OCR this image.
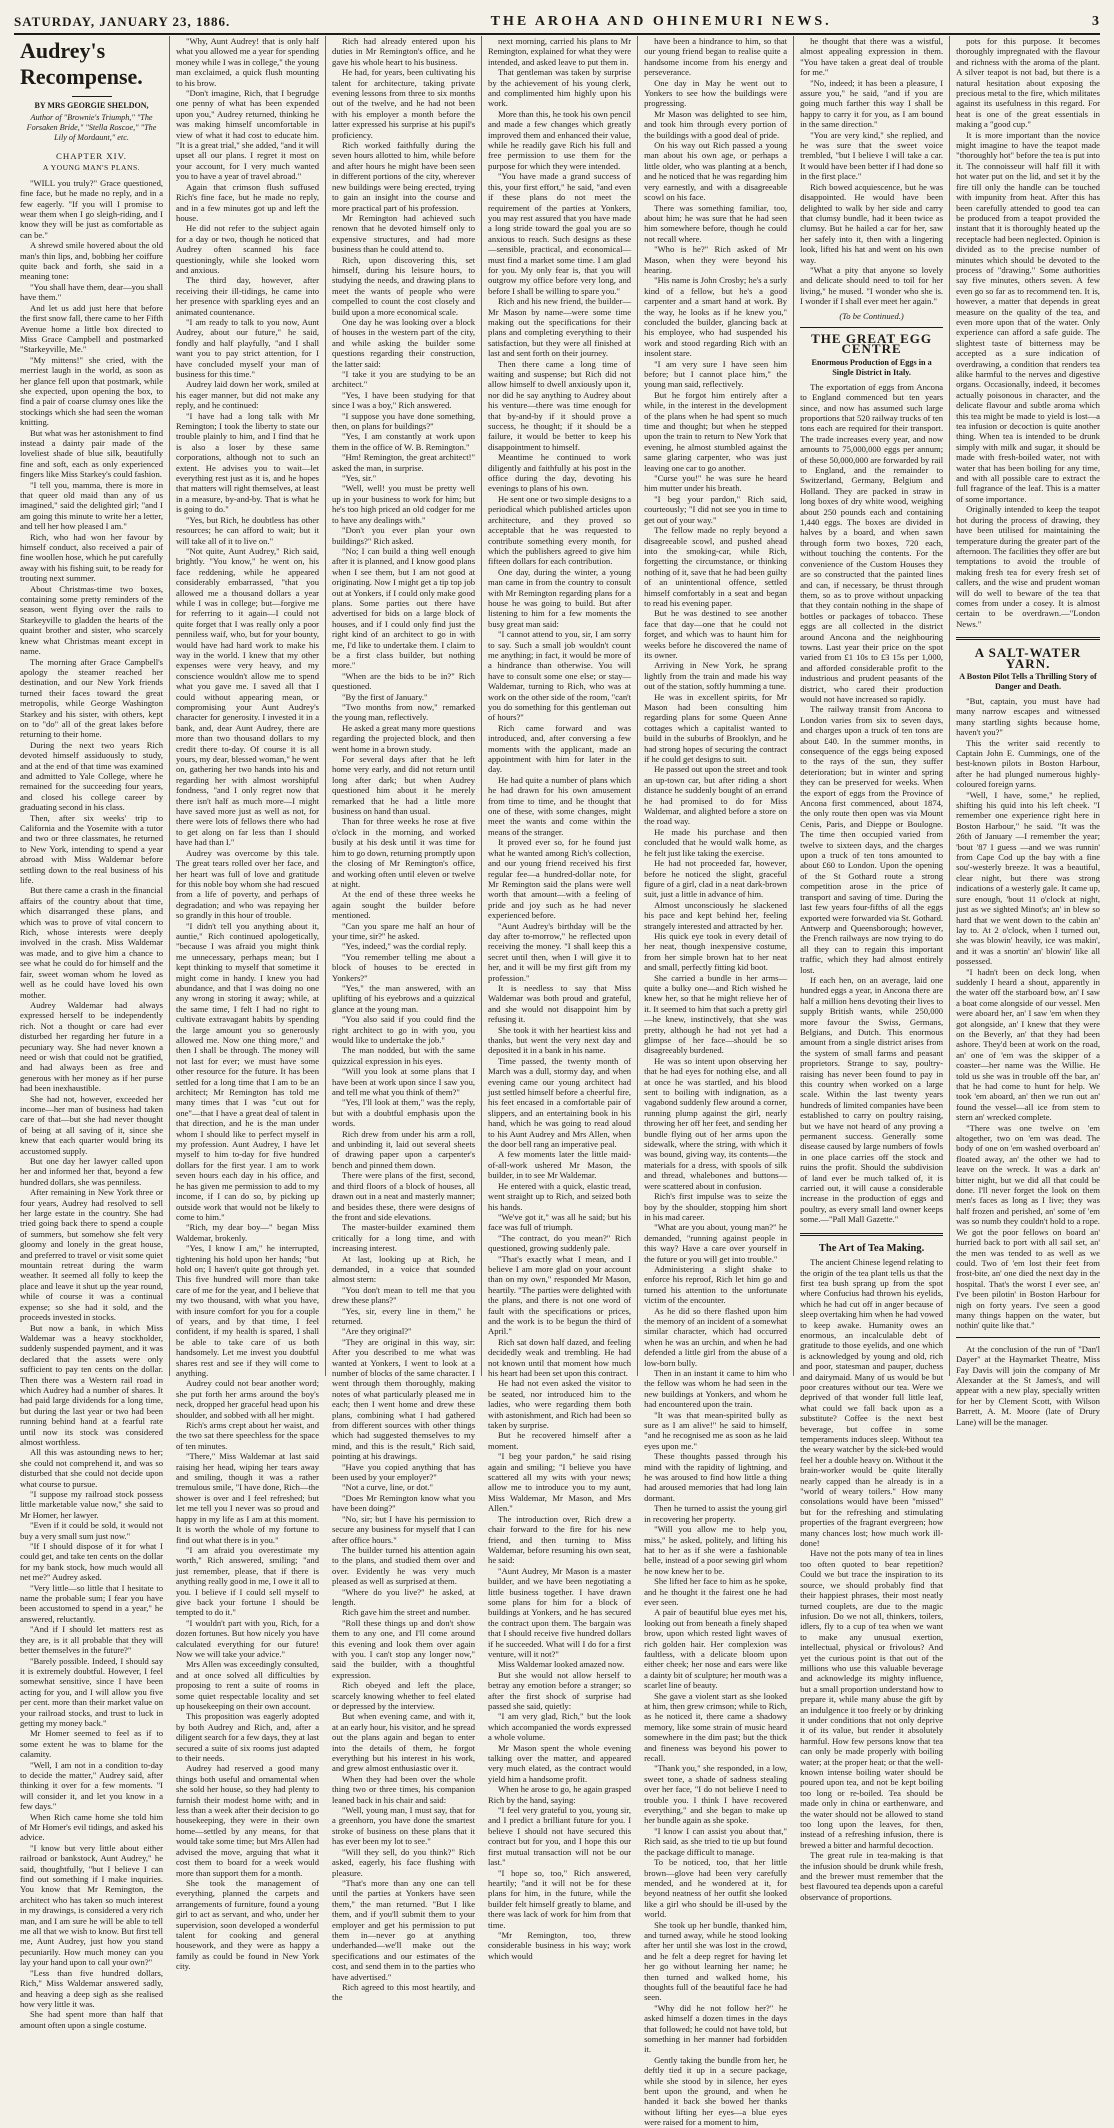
SATURDAY, JANUARY 23, 1886.	THE AROHA AND OHINEMURI NEWS.	3
Audrey's Recompense.
BY MRS GEORGIE SHELDON,
Author of "Brownie's Triumph," "The Forsaken Bride," "Stella Roscoe," "The Lily of Mordaunt," etc.
CHAPTER XIV.
A YOUNG MAN'S PLANS.

"WILL you truly?" Grace questioned, fine face, but he made no reply, and in a few eagerly. "If you will I promise to wear them when I go sleigh-riding, and I know they will be just as comfortable as can be."

A shrewd smile hovered about the old man's thin lips, and, bobbing her coiffure quite back and forth, she said in a meaning tone:

"You shall have them, dear—you shall have them."

And let us add just here that before the first snow fall, there came to her Fifth Avenue home a little box directed to Miss Grace Campbell and postmarked "Starkeyville, Me."

"My mittens!" she cried, with the merriest laugh in the world, as soon as her glance fell upon that postmark, while she expected, upon opening the box, to find a pair of coarse clumsy ones like the stockings which she had seen the woman knitting.

But what was her astonishment to find instead a dainty pair made of the loveliest shade of blue silk, beautifully fine and soft, each as only experienced fingers like Miss Starkey's could fashion.

"I tell you, mamma, there is more in that queer old maid than any of us imagined," said the delighted girl; "and I am going this minute to write her a letter, and tell her how pleased I am."

Rich, who had won her favour by himself conduct, also received a pair of fine woollen hose, which he put carefully away with his fishing suit, to be ready for trouting next summer.

About Christmas-time two boxes, containing some pretty reminders of the season, went flying over the rails to Starkeyville to gladden the hearts of the quaint brother and sister, who scarcely knew what Christmas meant except in name.

The morning after Grace Campbell's apology the steamer reached her destination, and our New York friends turned their faces toward the great metropolis, while George Washington Starkey and his sister, with others, kept on to "do" all of the great lakes before returning to their home.

During the next two years Rich devoted himself assiduously to study, and at the end of that time was examined and admitted to Yale College, where he remained for the succeeding four years, and closed his college career by graduating second in his class.

Then, after six weeks' trip to California and the Yosemite with a tutor and two or three classmates, he returned to New York, intending to spend a year abroad with Miss Waldemar before settling down to the real business of his life.

But there came a crash in the financial affairs of the country about that time, which disarranged these plans, and which was to prove of vital concern to Rich, whose interests were deeply involved in the crash. Miss Waldemar was made, and to give him a chance to see what he could do for himself and the fair, sweet woman whom he loved as well as he could have loved his own mother.

Audrey Waldemar had always expressed herself to be independently rich. Not a thought or care had ever disturbed her regarding her future in a pecuniary way. She had never known a need or wish that could not be gratified, and had always been as free and generous with her money as if her purse had been inexhaustible.

She had not, however, exceeded her income—her man of business had taken care of that—but she had never thought of being at all saving of it, since she knew that each quarter would bring its accustomed supply.

But one day her lawyer called upon her and informed her that, beyond a few hundred dollars, she was penniless.

After remaining in New York three or four years, Audrey had resolved to sell her large estate in the country. She had tried going back there to spend a couple of summers, but somehow she felt very gloomy and lonely in the great house, and preferred to travel or visit some quiet mountain retreat during the warm weather. It seemed all folly to keep the place and leave it shut up the year round, while of course it was a continual expense; so she had it sold, and the proceeds invested in stocks.

But now a bank, in which Miss Waldemar was a heavy stockholder, suddenly suspended payment, and it was declared that the assets were only sufficient to pay ten cents on the dollar. Then there was a Western rail road in which Audrey had a number of shares. It had paid large dividends for a long time, but during the last year or two had been running behind hand at a fearful rate until now its stock was considered almost worthless.

All this was astounding news to her; she could not comprehend it, and was so disturbed that she could not decide upon what course to pursue.

"I suppose my railroad stock possess little marketable value now," she said to Mr Homer, her lawyer.

"Even if it could be sold, it would not buy a very small sum just now."

"If I should dispose of it for what I could get, and take ten cents on the dollar for my bank stock, how much would all net me?" Audrey asked.

"Very little—so little that I hesitate to name the probable sum; I fear you have been accustomed to spend in a year," he answered, reluctantly.

"And if I should let matters rest as they are, is it all probable that they will better themselves in the future?"

"Barely possible. Indeed, I should say it is extremely doubtful. However, I feel somewhat sensitive, since I have been acting for you, and I will allow you five per cent. more than their market value on your railroad stocks, and trust to luck in getting my money back."

Mr Homer seemed to feel as if to some extent he was to blame for the calamity.

"Well, I am not in a condition to-day to decide the matter," Audrey said, after thinking it over for a few moments. "I will consider it, and let you know in a few days."

When Rich came home she told him of Mr Homer's evil tidings, and asked his advice.

"I know but very little about either railroad or bankstock, Aunt Audrey," he said, thoughtfully, "but I believe I can find out something if I make inquiries. You know that Mr Remington, the architect who has taken so much interest in my drawings, is considered a very rich man, and I am sure he will be able to tell me all that we wish to know. But first tell me, Aunt Audrey, just how you stand pecuniarily. How much money can you lay your hand upon to call your own?"

"Less than five hundred dollars, Rich," Miss Waldemar answered sadly, and heaving a deep sigh as she realised how very little it was.

She had spent more than half that amount often upon a single costume.

"Why, Aunt Audrey! that is only half what you allowed me a year for spending money while I was in college," the young man exclaimed, a quick flush mounting to his brow.

"Don't imagine, Rich, that I begrudge one penny of what has been expended upon you," Audrey returned, thinking he was making himself uncomfortable in view of what it had cost to educate him. "It is a great trial," she added, "and it will upset all our plans. I regret it most on your account, for I very much wanted you to have a year of travel abroad."

Again that crimson flush suffused Rich's fine face, but he made no reply, and in a few minutes got up and left the house.

He did not refer to the subject again for a day or two, though he noticed that Audrey often scanned his face questioningly, while she looked worn and anxious.

The third day, however, after receiving their ill-tidings, he came into her presence with sparkling eyes and an animated countenance.

"I am ready to talk to you now, Aunt Audrey, about our future," he said, fondly and half playfully, "and I shall want you to pay strict attention, for I have concluded myself your man of business for this time."

Audrey laid down her work, smiled at his eager manner, but did not make any reply, and he continued:

"I have had a long talk with Mr Remington; I took the liberty to state our trouble plainly to him, and I find that he is also a loser by these same corporations, although not to such an extent. He advises you to wait—let everything rest just as it is, and he hopes that matters will right themselves, at least in a measure, by-and-by. That is what he is going to do."

"Yes, but Rich, he doubtless has other resources; he can afford to wait; but it will take all of it to live on."

"Not quite, Aunt Audrey," Rich said, brightly. "You know," he went on, his face reddening, while he appeared considerably embarrassed, "that you allowed me a thousand dollars a year while I was in college; but—forgive me for referring to it again—I could not quite forget that I was really only a poor penniless waif, who, but for your bounty, would have had hard work to make his way in the world. I knew that my other expenses were very heavy, and my conscience wouldn't allow me to spend what you gave me. I saved all that I could without appearing mean, or compromising your Aunt Audrey's character for generosity. I invested it in a bank, and, dear Aunt Audrey, there are more than two thousand dollars to my credit there to-day. Of course it is all yours, my dear, blessed woman," he went on, gathering her two hands into his and regarding her with almost worshipful fondness, "and I only regret now that there isn't half as much more—I might have saved more just as well as not, for there were lots of fellows there who had to get along on far less than I should have had than I."

Audrey was overcome by this tale. The great tears rolled over her face, and her heart was full of love and gratitude for this noble boy whom she had rescued from a life of poverty, and perhaps of degradation; and who was repaying her so grandly in this hour of trouble.

"I didn't tell you anything about it, auntie," Rich continued apologetically, "because I was afraid you might think me unnecessary, perhaps mean; but I kept thinking to myself that sometime it might come in handy. I knew you had abundance, and that I was doing no one any wrong in storing it away; while, at the same time, I felt I had no right to cultivate extravagant habits by spending the large amount you so generously allowed me. Now one thing more," and then I shall be through. The money will not last for ever; we must have some other resource for the future. It has been settled for a long time that I am to be an architect; Mr Remington has told me many times that I was "cut out for one"—that I have a great deal of talent in that direction, and he is the man under whom I should like to perfect myself in my profession. Aunt Audrey, I have let myself to him to-day for five hundred dollars for the first year. I am to work seven hours each day in his office, and he has given me permission to add to my income, if I can do so, by picking up outside work that would not be likely to come to him."

"Rich, my dear boy—" began Miss Waldemar, brokenly.

"Yes, I know I am," he interrupted, tightening his hold upon her hands; "but hold on; I haven't quite got through yet. This five hundred will more than take care of me for the year, and I believe that my two thousand, with what you have, with insure comfort for you for a couple of years, and by that time, I feel confident, if my health is spared, I shall be able to take care of us both handsomely. Let me invest you doubtful shares rest and see if they will come to anything.

Audrey could not bear another word; she put forth her arms around the boy's neck, dropped her graceful head upon his shoulder, and sobbed with all her might.

Rich's arms crept about her waist, and the two sat there speechless for the space of ten minutes.

"There," Miss Waldemar at last said raising her head, wiping her tears away and smiling, though it was a rather tremulous smile, "I have done, Rich—the shower is over and I feel refreshed; but let me tell you I never was so proud and happy in my life as I am at this moment. It is worth the whole of my fortune to find out what there is in you."

"I am afraid you overestimate my worth," Rich answered, smiling; "and just remember, please, that if there is anything really good in me, I owe it all to you. I believe if I could sell myself to give back your fortune I should be tempted to do it."

"I wouldn't part with you, Rich, for a dozen fortunes. But how nicely you have calculated everything for our future! Now we will take your advice."

Mrs Allen was exceedingly consulted, and at once solved all difficulties by proposing to rent a suite of rooms in some quiet respectable locality and set up housekeeping on their own account.

This proposition was eagerly adopted by both Audrey and Rich, and, after a diligent search for a few days, they at last secured a suite of six rooms just adapted to their needs.

Audrey had reserved a good many things both useful and ornamental when she sold her house, so they had plenty to furnish their modest home with; and in less than a week after their decision to go housekeeping, they were in their own home—settled by any means, for that would take some time; but Mrs Allen had advised the move, arguing that what it cost them to board for a week would more than support them for a month.

She took the management of everything, planned the carpets and arrangements of furniture, found a young girl to act as servant, and who, under her supervision, soon developed a wonderful talent for cooking and general housework, and they were as happy a family as could be found in New York city.

Rich had already entered upon his duties in Mr Remington's office, and he gave his whole heart to his business.

He had, for years, been cultivating his talent for architecture, taking private evening lessons from three to six months out of the twelve, and he had not been with his employer a month before the latter expressed his surprise at his pupil's proficiency.

Rich worked faithfully during the seven hours allotted to him, while before and after hours he might have been seen in different portions of the city, wherever new buildings were being erected, trying to gain an insight into the course and more practical part of his profession.

Mr Remington had achieved such renown that he devoted himself only to expensive structures, and had more business than he could attend to.

Rich, upon discovering this, set himself, during his leisure hours, to studying the needs, and drawing plans to meet the wants of people who were compelled to count the cost closely and build upon a more economical scale.

One day he was looking over a block of houses in the western part of the city, and while asking the builder some questions regarding their construction, the latter said:

"I take it you are studying to be an architect."

"Yes, I have been studying for that since I was a boy," Rich answered.

"I suppose you have done something, then, on plans for buildings?"

"Yes, I am constantly at work upon them in the office of W. B. Remington."

"Hm! Remington, the great architect!" asked the man, in surprise.

"Yes, sir."

"Well, well! you must be pretty well up in your business to work for him; but he's too high priced an old codger for me to have any dealings with."

"Don't you ever plan your own buildings?" Rich asked.

"No; I can build a thing well enough after it is planned, and I know good plans when I see them, but I am not good at originating. Now I might get a tip top job out at Yonkers, if I could only make good plans. Some parties out there have advertised for bids on a large block of houses, and if I could only find just the right kind of an architect to go in with me, I'd like to undertake them. I claim to be a first class builder, but nothing more."

"When are the bids to be in?" Rich questioned.

"By the first of January."

"Two months from now," remarked the young man, reflectively.

He asked a great many more questions regarding the projected block, and then went home in a brown study.

For several days after that he left home very early, and did not return until long after dark; but when Audrey questioned him about it he merely remarked that he had a little more business on hand than usual.

Than for three weeks he rose at five o'clock in the morning, and worked busily at his desk until it was time for him to go down, returning promptly upon the closing of Mr Remington's office, and working often until eleven or twelve at night.

At the end of these three weeks he again sought the builder before mentioned.

"Can you spare me half an hour of your time, sir?" he asked.

"Yes, indeed," was the cordial reply.

"You remember telling me about a block of houses to be erected in Yonkers?"

"Yes," the man answered, with an uplifting of his eyebrows and a quizzical glance at the young man.

"You also said if you could find the right architect to go in with you, you would like to undertake the job."

The man nodded, but with the same quizzical expression in his eyes.

"Will you look at some plans that I have been at work upon since I saw you, and tell me what you think of them?"

"Yes, I'll look at them," was the reply, but with a doubtful emphasis upon the words.

Rich drew from under his arm a roll, and unbinding it, laid out several sheets of drawing paper upon a carpenter's bench and pinned them down.

There were plans of the first, second, and third floors of a block of houses, all drawn out in a neat and masterly manner; and besides these, there were designs of the front and side elevations.

The master-builder examined them critically for a long time, and with increasing interest.

At last, looking up at Rich, he demanded, in a voice that sounded almost stern:

"You don't mean to tell me that you drew these plans?"

"Yes, sir, every line in them," he returned.

"Are they original?"

"They are original in this way, sir: After you described to me what was wanted at Yonkers, I went to look at a number of blocks of the same character. I went through them thoroughly, making notes of what particularly pleased me in each; then I went home and drew these plans, combining what I had gathered from different sources with other things which had suggested themselves to my mind, and this is the result," Rich said, pointing at his drawings.

"Have you copied anything that has been used by your employer?"

"Not a curve, line, or dot."

"Does Mr Remington know what you have been doing?"

"No, sir; but I have his permission to secure any business for myself that I can after office hours."

The builder turned his attention again to the plans, and studied them over and over. Evidently he was very much pleased as well as surprised at them.

"Where do you live?" he asked, at length.

Rich gave him the street and number.

"Roll these things up and don't show them to any one, and I'll come around this evening and look them over again with you. I can't stop any longer now," said the builder, with a thoughtful expression.

Rich obeyed and left the place, scarcely knowing whether to feel elated or depressed by the interview.

But when evening came, and with it, at an early hour, his visitor, and he spread out the plans again and began to enter into the details of them, he forgot everything but his interest in his work, and grew almost enthusiastic over it.

When they had been over the whole thing two or three times, his companion leaned back in his chair and said:

"Well, young man, I must say, that for a greenhorn, you have done the smartest stroke of business on these plans that it has ever been my lot to see."

"Will they sell, do you think?" Rich asked, eagerly, his face flushing with pleasure.

"That's more than any one can tell until the parties at Yonkers have seen them," the man returned. "But I like them, and if you'll submit them to your employer and get his permission to put them in—never go at anything underhanded—we'll make out the specifications and our estimates of the cost, and send them in to the parties who have advertised."

Rich agreed to this most heartily, and the

next morning, carried his plans to Mr Remington, explained for what they were intended, and asked leave to put them in.

That gentleman was taken by surprise by the achievement of his young clerk, and complimented him highly upon his work.

More than this, he took his own pencil and made a few changes which greatly improved them and enhanced their value, while he readily gave Rich his full and free permission to use them for the purpose for which they were intended.

"You have made a grand success of this, your first effort," he said, "and even if these plans do not meet the requirement of the parties at Yonkers, you may rest assured that you have made a long stride toward the goal you are so anxious to reach. Such designs as these—sensible, practical, and economical—must find a market some time. I am glad for you. My only fear is, that you will outgrow my office before very long, and before I shall be willing to spare you."

Rich and his new friend, the builder—Mr Mason by name—were some time making out the specifications for their plans and completing everything to their satisfaction, but they were all finished at last and sent forth on their journey.

Then there came a long time of waiting and suspense; but Rich did not allow himself to dwell anxiously upon it, nor did he say anything to Audrey about his venture—there was time enough for that by-and-by if it should prove a success, he thought; if it should be a failure, it would be better to keep his disappointment to himself.

Meantime he continued to work diligently and faithfully at his post in the office during the day, devoting his evenings to plans of his own.

He sent one or two simple designs to a periodical which published articles upon architecture, and they proved so acceptable that he was requested to contribute something every month, for which the publishers agreed to give him fifteen dollars for each contribution.

One day, during the winter, a young man came in from the country to consult with Mr Remington regarding plans for a house he was going to build. But after listening to him for a few moments the busy great man said:

"I cannot attend to you, sir, I am sorry to say. Such a small job wouldn't count me anything; in fact, it would be more of a hindrance than otherwise. You will have to consult some one else; or stay—Waldemar, turning to Rich, who was at work on the other side of the room, "can't you do something for this gentleman out of hours?"

Rich came forward and was introduced, and, after conversing a few moments with the applicant, made an appointment with him for later in the day.

He had quite a number of plans which he had drawn for his own amusement from time to time, and he thought that one of these, with some changes, might meet the wants and come within the means of the stranger.

It proved ever so, for he found just what he wanted among Rich's collection, and our young friend received his first regular fee—a hundred-dollar note, for Mr Remington said the plans were well worth that amount—with a feeling of pride and joy such as he had never experienced before.

"Aunt Audrey's birthday will be the day after to-morrow," he reflected upon receiving the money. "I shall keep this a secret until then, when I will give it to her, and it will be my first gift from my profession."

It is needless to say that Miss Waldemar was both proud and grateful, and she would not disappoint him by refusing it.

She took it with her heartiest kiss and thanks, but went the very next day and deposited it in a bank in his name.

Time passed, the twenty month of March was a dull, stormy day, and when evening came our young architect had just settled himself before a cheerful fire, his feet encased in a comfortable pair of slippers, and an entertaining book in his hand, which he was going to read aloud to his Aunt Audrey and Mrs Allen, when the door bell rang an imperative peal.

A few moments later the little maid-of-all-work ushered Mr Mason, the builder, in to see Mr Waldemar.

He entered with a quick, elastic tread, went straight up to Rich, and seized both his hands.

"We've got it," was all he said; but his face was full of triumph.

"The contract, do you mean?" Rich questioned, growing suddenly pale.

"That's exactly what I mean, and I believe I am more glad on your account than on my own," responded Mr Mason, heartily. "The parties were delighted with the plans, and there is not one word of fault with the specifications or prices, and the work is to be begun the third of April."

Rich sat down half dazed, and feeling decidedly weak and trembling. He had not known until that moment how much his heart had been set upon this contract.

He had not even asked the visitor to be seated, nor introduced him to the ladies, who were regarding them both with astonishment, and Rich had been so taken by surprise.

But he recovered himself after a moment.

"I beg your pardon," he said rising again and smiling; "I believe you have scattered all my wits with your news; allow me to introduce you to my aunt, Miss Waldemar, Mr Mason, and Mrs Allen."

The introduction over, Rich drew a chair forward to the fire for his new friend, and then turning to Miss Waldemar, before resuming his own seat, he said:

"Aunt Audrey, Mr Mason is a master builder, and we have been negotiating a little business together. I have drawn some plans for him for a block of buildings at Yonkers, and he has secured the contract upon them. The bargain was that I should receive five hundred dollars if he succeeded. What will I do for a first venture, will it not?"

Miss Waldemar looked amazed now.

But she would not allow herself to betray any emotion before a stranger; so after the first shock of surprise had passed she said, quietly:

"I am very glad, Rich," but the look which accompanied the words expressed a whole volume.

Mr Mason spent the whole evening talking over the matter, and appeared very much elated, as the contract would yield him a handsome profit.

When he arose to go, he again grasped Rich by the hand, saying:

"I feel very grateful to you, young sir, and I predict a brilliant future for you. I believe I should not have secured this contract but for you, and I hope this our first mutual transaction will not be our last."

"I hope so, too," Rich answered, heartily; "and it will not be for these plans for him, in the future, while the builder felt himself greatly to blame, and there was lack of work for him from that time.

"Mr Remington, too, threw considerable business in his way; work which would

have been a hindrance to him, so that our young friend began to realise quite a handsome income from his energy and perseverance.

One day in May he went out to Yonkers to see how the buildings were progressing.

Mr Mason was delighted to see him, and took him through every portion of the buildings with a good deal of pride.

On his way out Rich passed a young man about his own age, or perhaps a little older, who was planting at a bench, and he noticed that he was regarding him very earnestly, and with a disagreeable scowl on his face.

There was something familiar, too, about him; he was sure that he had seen him somewhere before, though he could not recall where.

"Who is he?" Rich asked of Mr Mason, when they were beyond his hearing.

"His name is John Crosby; he's a surly kind of a fellow, but he's a good carpenter and a smart hand at work. By the way, he looks as if he knew you," concluded the builder, glancing back at his employee, who had suspended his work and stood regarding Rich with an insolent stare.

"I am very sure I have seen him before; but I cannot place him," the young man said, reflectively.

But he forgot him entirely after a while, in the interest in the development of the plans when he had spent so much time and thought; but when he stepped upon the train to return to New York that evening, he almost stumbled against the same glaring carpenter, who was just leaving one car to go another.

"Curse you!" he was sure he heard him mutter under his breath.

"I beg your pardon," Rich said, courteously; "I did not see you in time to get out of your way."

The fellow made no reply beyond a disagreeable scowl, and pushed ahead into the smoking-car, while Rich, forgetting the circumstance, or thinking nothing of it, save that he had been guilty of an unintentional offence, settled himself comfortably in a seat and began to read his evening paper.

But he was destined to see another face that day—one that he could not forget, and which was to haunt him for weeks before he discovered the name of its owner.

Arriving in New York, he sprang lightly from the train and made his way out of the station, softly humming a tune.

He was in excellent spirits, for Mr Mason had been consulting him regarding plans for some Queen Anne cottages which a capitalist wanted to build in the suburbs of Brooklyn, and he had strong hopes of securing the contract if he could get designs to suit.

He passed out upon the street and took an up-town car, but after riding a short distance he suddenly bought of an errand he had promised to do for Miss Waldemar, and alighted before a store on the road way.

He made his purchase and then concluded that he would walk home, as he felt just like taking the exercise.

He had not proceeded far, however, before he noticed the slight, graceful figure of a girl, clad in a neat dark-brown suit, just a little in advance of him.

Almost unconsciously he slackened his pace and kept behind her, feeling strangely interested and attracted by her.

His quick eye took in every detail of her neat, though inexpensive costume, from her simple brown hat to her neat and small, perfectly fitting kid boot.

She carried a bundle in her arms—quite a bulky one—and Rich wished he knew her, so that he might relieve her of it. It seemed to him that such a pretty girl—he knew, instinctively, that she was pretty, although he had not yet had a glimpse of her face—should be so disagreeably burdened.

He was so intent upon observing her that he had eyes for nothing else, and all at once he was startled, and his blood sent to boiling with indignation, as a vagabond suddenly flew around a corner, running plump against the girl, nearly throwing her off her feet, and sending her bundle flying out of her arms upon the sidewalk, where the string, with which it was bound, giving way, its contents—the materials for a dress, with spools of silk and thread, whalebones and buttons—were scattered about in confusion.

Rich's first impulse was to seize the boy by the shoulder, stopping him short in his mad career.

"What are you about, young man?" he demanded, "running against people in this way? Have a care over yourself in the future or you will get into trouble."

Administering a slight shake to enforce his reproof, Rich let him go and turned his attention to the unfortunate victim of the encounter.

As he did so there flashed upon him the memory of an incident of a somewhat similar character, which had occurred when he was an urchin, and when he had defended a little girl from the abuse of a low-born bully.

Then in an instant it came to him who the fellow was whom he had seen in the new buildings at Yonkers, and whom he had encountered upon the train.

"It was that mean-spirited bully as sure as I am alive!" he said to himself, "and he recognised me as soon as he laid eyes upon me."

These thoughts passed through his mind with the rapidity of lightning, and he was aroused to find how little a thing had aroused memories that had long lain dormant.

Then he turned to assist the young girl in recovering her property.

"Will you allow me to help you, miss," he asked, politely, and lifting his hat to her as if she were a fashionable belle, instead of a poor sewing girl whom he now knew her to be.

She lifted her face to him as he spoke, and he thought it the fairest one he had ever seen.

A pair of beautiful blue eyes met his, looking out from beneath a finely shaped brow, upon which rested light waves of rich golden hair. Her complexion was faultless, with a delicate bloom upon either cheek; her nose and ears were like a dainty bit of sculpture; her mouth was a scarlet line of beauty.

She gave a violent start as she looked at him, then grew crimson; while to Rich, as he noticed it, there came a shadowy memory, like some strain of music heard somewhere in the dim past; but the thick and fineness was beyond his power to recall.

"Thank you," she responded, in a low, sweet tone, a shade of sadness stealing over her face, "I do not believe I need to trouble you. I think I have recovered everything," and she began to make up her bundle again as she spoke.

"I know I can assist you about that," Rich said, as she tried to tie up but found the package difficult to manage.

To be noticed, too, that her little brown—glove had been very carefully mended, and he wondered at it, for beyond neatness of her outfit she looked like a girl who should be ill-used by the world.

She took up her bundle, thanked him, and turned away, while he stood looking after her until she was lost in the crowd, and he felt a deep regret for having let her go without learning her name; he then turned and walked home, his thoughts full of the beautiful face he had seen.

"Why did he not follow her?" he asked himself a dozen times in the days that followed; he could not have told, but something in her manner had forbidden it.

Gently taking the bundle from her, he deftly tied it up in a secure package, while she stood by in silence, her eyes bent upon the ground, and when he handed it back she bowed her thanks without lifting her eyes—a blue eyes were raised for a moment to him,

he thought that there was a wistful, almost appealing expression in them. "You have taken a great deal of trouble for me."

"No, indeed; it has been a pleasure, I assure you," he said, "and if you are going much farther this way I shall be happy to carry it for you, as I am bound in the same direction."

"You are very kind," she replied, and he was sure that the sweet voice trembled, "but I believe I will take a car. It would have been better if I had done so in the first place."

Rich bowed acquiescence, but he was disappointed. He would have been delighted to walk by her side and carry that clumsy bundle, had it been twice as clumsy. But he hailed a car for her, saw her safely into it, then with a lingering look, lifted his hat and went on his own way.

"What a pity that anyone so lovely and delicate should need to toil for her living," he mused. "I wonder who she is. I wonder if I shall ever meet her again."

(To be Continued.)
THE GREAT EGG CENTRE
Enormous Production of Eggs in a Single District in Italy.

The exportation of eggs from Ancona to England commenced but ten years since, and now has assumed such large proportions that 520 railway trucks of ten tons each are required for their transport. The trade increases every year, and now amounts to 75,000,000 eggs per annum; of these 50,000,000 are forwarded by rail to England, and the remainder to Switzerland, Germany, Belgium and Holland. They are packed in straw in long boxes of dry white wood, weighing about 250 pounds each and containing 1,440 eggs. The boxes are divided in halves by a board, and when sawn through form two boxes, 720 each, without touching the contents. For the convenience of the Custom Houses they are so constructed that the painted lines and can, if necessary, be thrust through them, so as to prove without unpacking that they contain nothing in the shape of bottles or packages of tobacco. These eggs are all collected in the district around Ancona and the neighbouring towns. Last year their price on the spot varied from £1 10s to £3 15s per 1,000, and afforded considerable profit to the industrious and prudent peasants of the district, who cared their production would not have increased so rapidly.

The railway transit from Ancona to London varies from six to seven days, and charges upon a truck of ten tons are about £40. In the summer months, in consequence of the eggs being exposed to the rays of the sun, they suffer deterioration; but in winter and spring they can be preserved for weeks. When the export of eggs from the Province of Ancona first commenced, about 1874, the only route then open was via Mount Cenis, Paris, and Dieppe or Boulogne. The time then occupied varied from twelve to sixteen days, and the charges upon a truck of ten tons amounted to about £60 to London. Upon the opening of the St Gothard route a strong competition arose in the price of transport and saving of time. During the last few years four-fifths of all the eggs exported were forwarded via St. Gothard. Antwerp and Queensborough; however, the French railways are now trying to do all they can to regain this important traffic, which they had almost entirely lost.

If each hen, on an average, laid one hundred eggs a year, in Ancona there are half a million hens devoting their lives to supply British wants, while 250,000 more favour the Swiss, Germans, Belgians, and Dutch. This enormous amount from a single district arises from the system of small farms and peasant proprietors. Strange to say, poultry-raising has never been found to pay in this country when worked on a large scale. Within the last twenty years hundreds of limited companies have been established to carry on poultry raising, but we have not heard of any proving a permanent success. Generally some disease caused by large numbers of fowls in one place carries off the stock and ruins the profit. Should the subdivision of land ever be much talked of, it is carried out, it will cause a considerable increase in the production of eggs and poultry, as every small land owner keeps some.—"Pall Mall Gazette."

The Art of Tea Making.

The ancient Chinese legend relating to the origin of the tea plant tells us that the first tea bush sprang up from the spot where Confucius had thrown his eyelids, which he had cut off in anger because of sleep overtaking him when he had vowed to keep awake. Humanity owes an enormous, an incalculable debt of gratitude to those eyelids, and one which is acknowledged by young and old, rich and poor, statesman and pauper, duchess and dairymaid. Many of us would be but poor creatures without our tea. Were we deprived of that wonder full little leaf, what could we fall back upon as a substitute? Coffee is the next best beverage, but coffee in some temperaments induces sleep. Without tea the weary watcher by the sick-bed would feel her a double heavy on. Without it the brain-worker would be quite literally nearly capped than he already is in a "world of weary toilers." How many consolations would have been "missed" but for the refreshing and stimulating properties of the fragrant evergreen; how many chances lost; how much work ill-done!

Have not the pots many of tea in lines too often quoted to bear repetition? Could we but trace the inspiration to its source, we should probably find that their happiest phrases, their most neatly turned couplets, are due to the magic infusion. Do we not all, thinkers, toilers, idlers, fly to a cup of tea when we want to make any unusual exertion, intellectual, physical or frivolous? And yet the curious point is that out of the millions who use this valuable beverage and acknowledge its mighty influence, but a small proportion understand how to prepare it, while many abuse the gift by an indulgence it too freely or by drinking it under conditions that not only deprive it of its value, but render it absolutely harmful. How few persons know that tea can only be made properly with boiling water; at the proper heat; or that the well-known intense boiling water should be poured upon tea, and not be kept boiling too long or re-boiled. Tea should be made only in china or earthenware, and the water should not be allowed to stand too long upon the leaves, for then, instead of a refreshing infusion, there is brewed a bitter and harmful decoction.

The great rule in tea-making is that the infusion should be drunk while fresh, and the brewer must remember that the best flavoured tea depends upon a careful observance of proportions.

pots for this purpose. It becomes thoroughly impregnated with the flavour and richness with the aroma of the plant. A silver teapot is not bad, but there is a natural hesitation about exposing the precious metal to the fire, which militates against its usefulness in this regard. For heat is one of the great essentials in making a "good cup."

It is more important than the novice might imagine to have the teapot made "thoroughly hot" before the tea is put into it. The connoisseur will half fill it with hot water put on the lid, and set it by the fire till only the handle can be touched with impunity from heat. After this has been carefully attended to good tea can be produced from a teapot provided the instant that it is thoroughly heated up the receptacle had been neglected. Opinion is divided as to the precise number of minutes which should be devoted to the process of "drawing." Some authorities say five minutes, others seven. A few even go so far as to recommend ten. It is, however, a matter that depends in great measure on the quality of the tea, and even more upon that of the water. Only experience can afford a safe guide. The slightest taste of bitterness may be accepted as a sure indication of overdrawing, a condition that renders tea alike harmful to the nerves and digestive organs. Occasionally, indeed, it becomes actually poisonous in character, and the delicate flavour and subtle aroma which this tea might be made to yield is lost—a tea infusion or decoction is quite another thing. When tea is intended to be drunk simply with milk and sugar, it should be made with fresh-boiled water, not with water that has been boiling for any time, and with all possible care to extract the full fragrance of the leaf. This is a matter of some importance.

Originally intended to keep the teapot hot during the process of drawing, they have been utilised for maintaining the temperature during the greater part of the afternoon. The facilities they offer are but temptations to avoid the trouble of making fresh tea for every fresh set of callers, and the wise and prudent woman will do well to beware of the tea that comes from under a cosey. It is almost certain to be overdrawn.—"London News."

A SALT-WATER YARN.
A Boston Pilot Tells a Thrilling Story of Danger and Death.

"But, captain, you must have had many narrow escapes and witnessed many startling sights because home, haven't you?"

This the writer said recently to Captain John E. Cummings, one of the best-known pilots in Boston Harbour, after he had plunged numerous highly-coloured foreign yarns.

"Well, I have, some," he replied, shifting his quid into his left cheek. "I remember one experience right here in Boston Harbour," he said. "It was the 26th of January —I remember the year; 'bout '87 I guess —and we was runnin' from Cape Cod up the bay with a fine sou'-westerly breeze. It was a beautiful, clear night, but there was strong indications of a westerly gale. It came up, sure enough, 'bout 11 o'clock at night, just as we sighted Minot's; an' in blew so hard that we went down to the cabin an' lay to. At 2 o'clock, when I turned out, she was blowin' heavily, ice was makin', and it was a snortin' an' blowin' like all possessed.

"I hadn't been on deck long, when suddenly I heard a shout, apparently in the water off the starboard bow, an' I saw a boat come alongside of our vessel. Men were aboard her, an' I saw 'em when they got alongside, an' I knew that they were on the Beverly, an' that they had been ashore. They'd been at work on the road, an' one of 'em was the skipper of a coaster—her name was the Willie. He told us she was in trouble off the bar, an' that he had come to hunt for help. We took 'em aboard, an' then we run out an' found the vessel—all ice from stem to stern an' wrecked complete.

"There was one twelve on 'em altogether, two on 'em was dead. The body of one on 'em washed overboard an' floated away, an' the other we had to leave on the wreck. It was a dark an' bitter night, but we did all that could be done. I'll never forget the look on them men's faces as long as I live; they was half frozen and perished, an' some of 'em was so numb they couldn't hold to a rope. We got the poor fellows on board an' hurried back to port with all sail set, an' the men was tended to as well as we could. Two of 'em lost their feet from frost-bite, an' one died the next day in the hospital. That's the worst I ever see, an' I've been pilotin' in Boston Harbour for nigh on forty years. I've seen a good many things happen on the water, but nothin' quite like that."

At the conclusion of the run of "Dan'l Dayer" at the Haymarket Theatre, Miss Fay Davis will join the company of Mr Alexander at the St James's, and will appear with a new play, specially written for her by Clement Scott, with Wilson Barrett, A. M. Moore (late of Drury Lane) will be the manager.
